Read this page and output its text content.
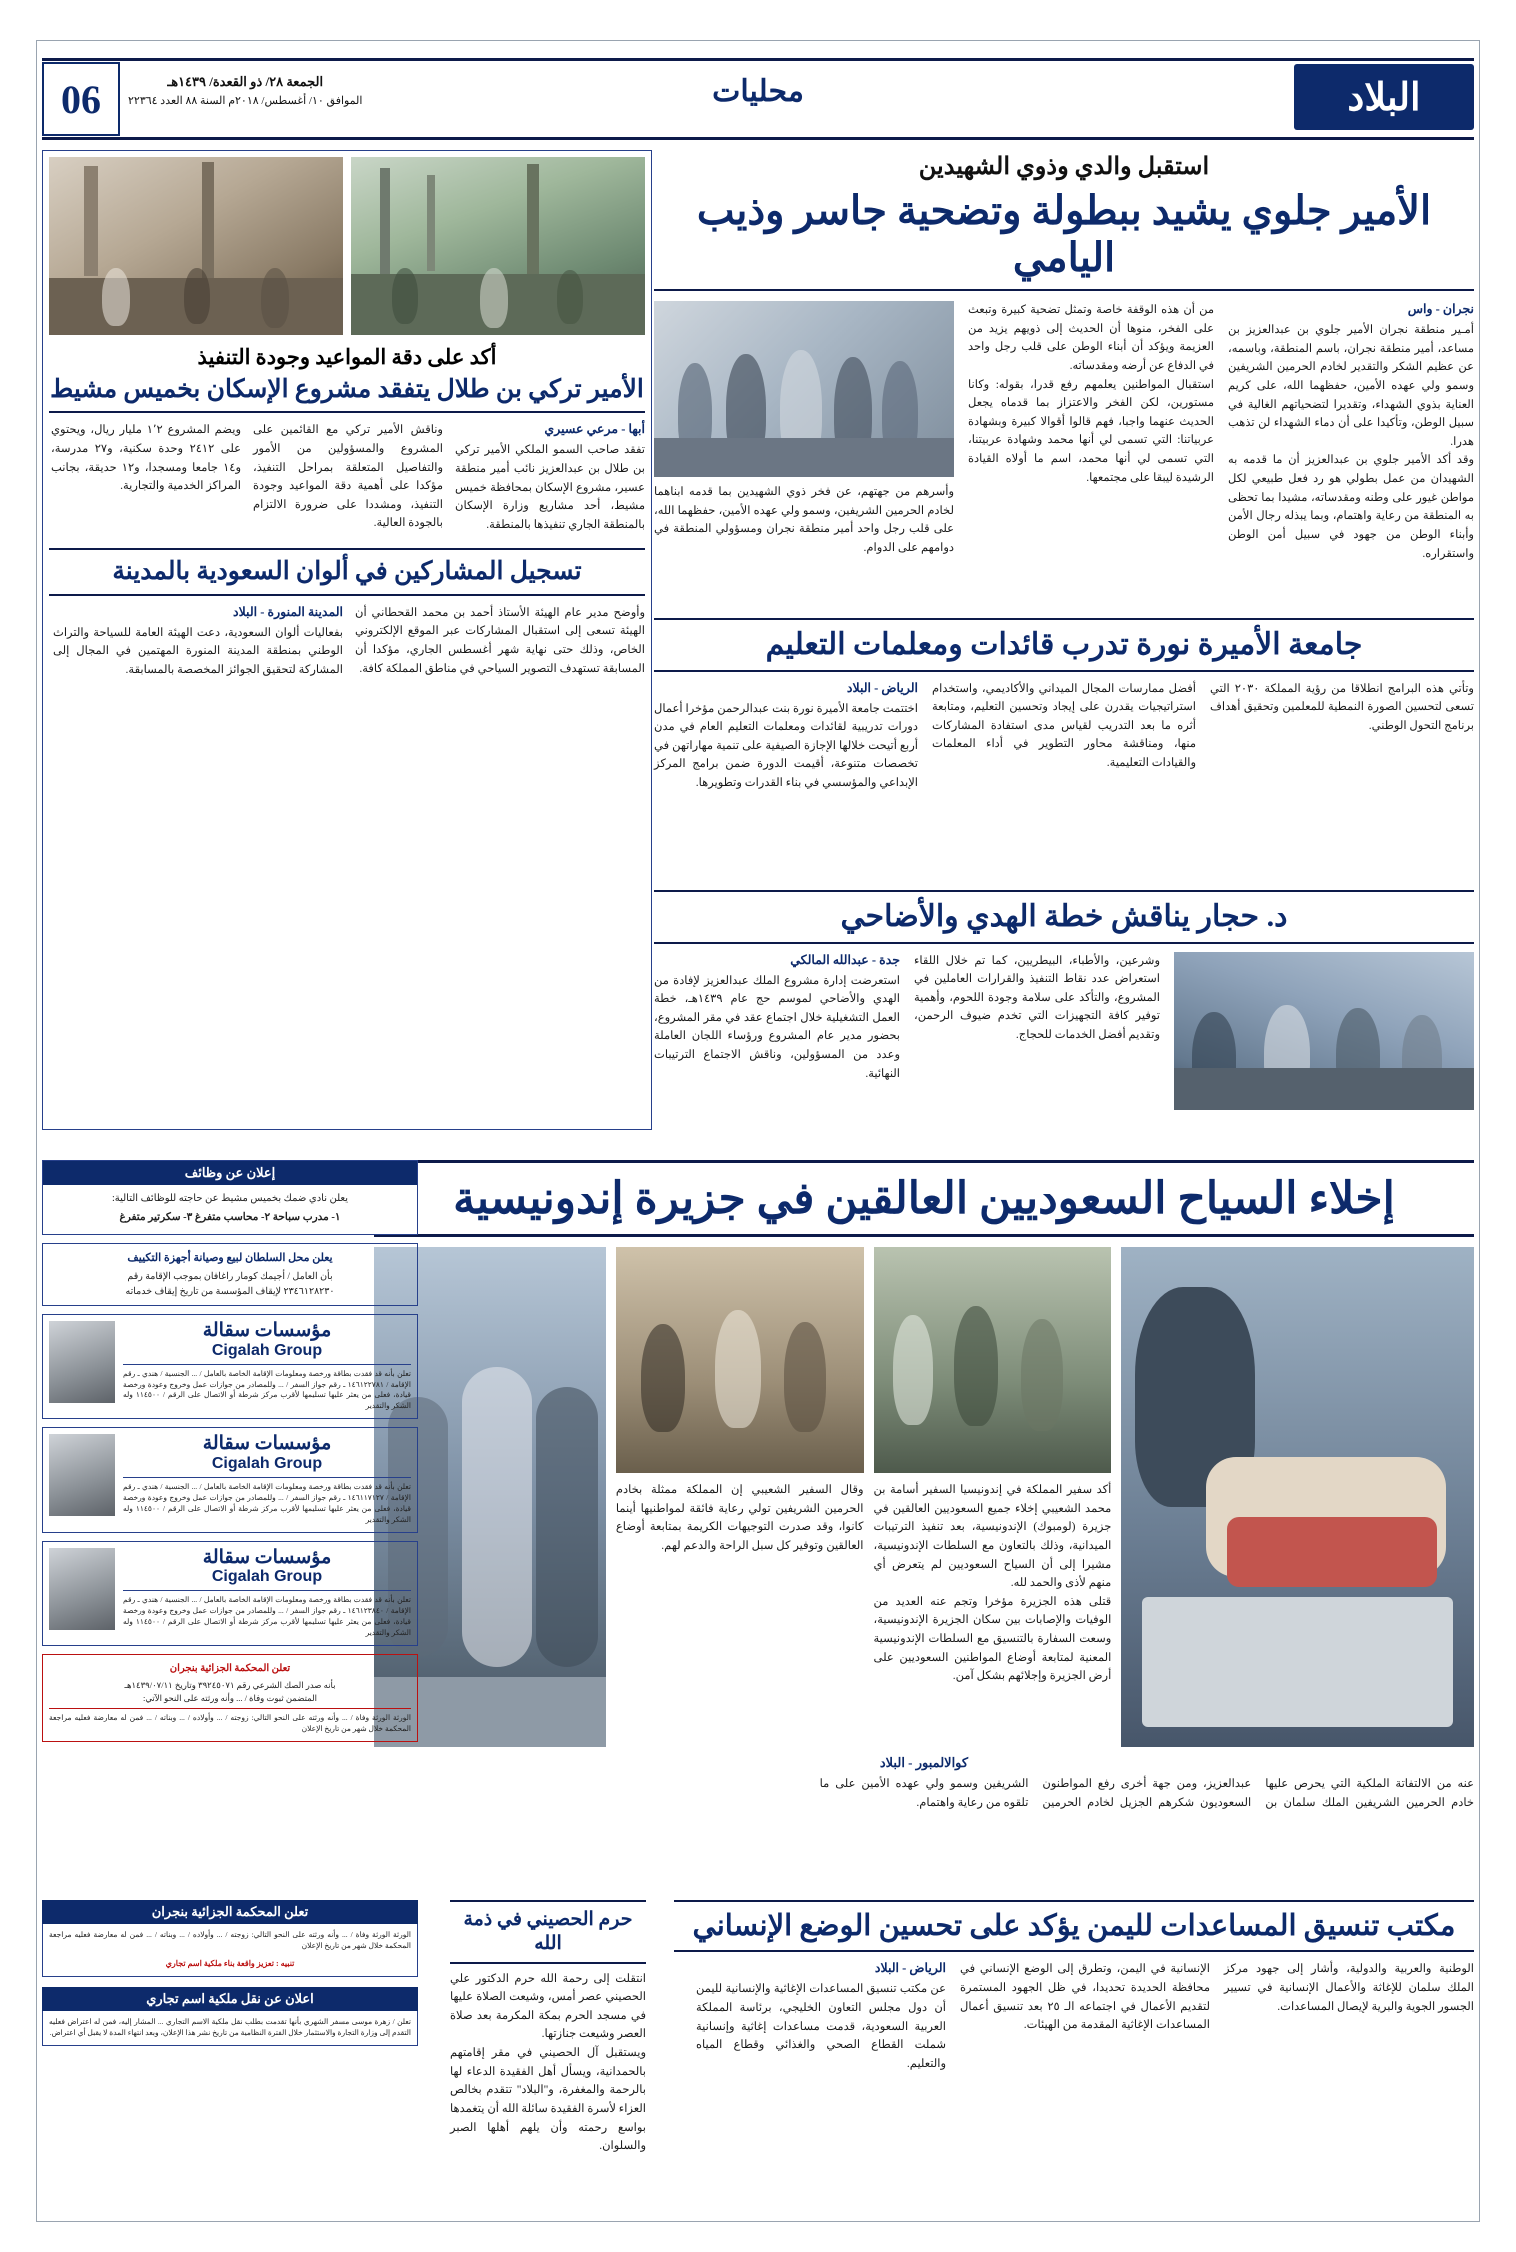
البلاد
محليات
الجمعة ٢٨/ ذو القعدة/ ١٤٣٩هـ
الموافق ١٠/ أغسطس/ ٢٠١٨م السنة ٨٨ العدد ٢٢٣٦٤
06
استقبل والدي وذوي الشهيدين
الأمير جلوي يشيد ببطولة وتضحية جاسر وذيب اليامي
نجران - واس
أمـير منطقة نجران الأمير جلوي بن عبدالعزيز بن مساعد، أمير منطقة نجران، باسم المنطقة، وباسمه، عن عظيم الشكر والتقدير لخادم الحرمين الشريفين وسمو ولي عهده الأمين، حفظهما الله، على كريم العناية بذوي الشهداء، وتقديرا لتضحياتهم الغالية في سبيل الوطن، وتأكيدا على أن دماء الشهداء لن تذهب هدرا.
وقد أكد الأمير جلوي بن عبدالعزيز أن ما قدمه به الشهيدان من عمل بطولي هو رد فعل طبيعي لكل مواطن غيور على وطنه ومقدساته، مشيدا بما تحظى به المنطقة من رعاية واهتمام، وبما يبذله رجال الأمن وأبناء الوطن من جهود في سبيل أمن الوطن واستقراره.
من أن هذه الوقفة خاصة وتمثل تضحية كبيرة وتبعث على الفخر، منوها أن الحديث إلى ذويهم يزيد من العزيمة ويؤكد أن أبناء الوطن على قلب رجل واحد في الدفاع عن أرضه ومقدساته.
استقبال المواطنين يعلمهم رفع قدرا، بقوله: وكانا مستورين، لكن الفخر والاعتزاز بما قدماه يجعل الحديث عنهما واجبا، فهم قالوا أقوالا كبيرة وبشهادة عربياتنا: التي تسمى لي أنها محمد وشهادة عربيتنا، التي تسمى لي أنها محمد، اسم ما أولاه القيادة الرشيدة ليبقا على مجتمعها.
وأسرهم من جهتهم، عن فخر ذوي الشهيدين بما قدمه ابناهما لخادم الحرمين الشريفين، وسمو ولي عهده الأمين، حفظهما الله، على قلب رجل واحد أمير منطقة نجران ومسؤولي المنطقة في دوامهم على الدوام.
جامعة الأميرة نورة تدرب قائدات ومعلمات التعليم
وتأتي هذه البرامج انطلاقا من رؤية المملكة ٢٠٣٠ التي تسعى لتحسين الصورة النمطية للمعلمين وتحقيق أهداف برنامج التحول الوطني.
أفضل ممارسات المجال الميداني والأكاديمي، واستخدام استراتيجيات يقدرن على إيجاد وتحسين التعليم، ومتابعة أثره ما بعد التدريب لقياس مدى استفادة المشاركات منها، ومناقشة محاور التطوير في أداء المعلمات والقيادات التعليمية.
الرياض - البلاد
اختتمت جامعة الأميرة نورة بنت عبدالرحمن مؤخرا أعمال دورات تدريبية لقائدات ومعلمات التعليم العام في مدن أربع أتيحت خلالها الإجازة الصيفية على تنمية مهاراتهن في تخصصات متنوعة، أقيمت الدورة ضمن برامج المركز الإبداعي والمؤسسي في بناء القدرات وتطويرها.
د. حجار يناقش خطة الهدي والأضاحي
وشرعين، والأطباء، البيطريين، كما تم خلال اللقاء استعراض عدد نقاط التنفيذ والقرارات العاملين في المشروع، والتأكد على سلامة وجودة اللحوم، وأهمية توفير كافة التجهيزات التي تخدم ضيوف الرحمن، وتقديم أفضل الخدمات للحجاج.
جدة - عبدالله المالكي
استعرضت إدارة مشروع الملك عبدالعزيز لإفادة من الهدي والأضاحي لموسم حج عام ١٤٣٩هـ، خطة العمل التشغيلية خلال اجتماع عقد في مقر المشروع، بحضور مدير عام المشروع ورؤساء اللجان العاملة وعدد من المسؤولين، وناقش الاجتماع الترتيبات النهائية.
أكد على دقة المواعيد وجودة التنفيذ
الأمير تركي بن طلال يتفقد مشروع الإسكان بخميس مشيط
أبها - مرعي عسيري
تفقد صاحب السمو الملكي الأمير تركي بن طلال بن عبدالعزيز نائب أمير منطقة عسير، مشروع الإسكان بمحافظة خميس مشيط، أحد مشاريع وزارة الإسكان بالمنطقة الجاري تنفيذها بالمنطقة.
وناقش الأمير تركي مع القائمين على المشروع والمسؤولين من الأمور والتفاصيل المتعلقة بمراحل التنفيذ، مؤكدا على أهمية دقة المواعيد وجودة التنفيذ، ومشددا على ضرورة الالتزام بالجودة العالية.
ويضم المشروع ١٬٢ مليار ريال، ويحتوي على ٢٤١٢ وحدة سكنية، و٢٧ مدرسة، و١٤ جامعا ومسجدا، و١٢ حديقة، بجانب المراكز الخدمية والتجارية.
تسجيل المشاركين في ألوان السعودية بالمدينة
وأوضح مدير عام الهيئة الأستاذ أحمد بن محمد القحطاني أن الهيئة تسعى إلى استقبال المشاركات عبر الموقع الإلكتروني الخاص، وذلك حتى نهاية شهر أغسطس الجاري، مؤكدا أن المسابقة تستهدف التصوير السياحي في مناطق المملكة كافة.
المدينة المنورة - البلاد
بفعاليات ألوان السعودية، دعت الهيئة العامة للسياحة والتراث الوطني بمنطقة المدينة المنورة المهتمين في المجال إلى المشاركة لتحقيق الجوائز المخصصة بالمسابقة.
إخلاء السياح السعوديين العالقين في جزيرة إندونيسية
أكد سفير المملكة في إندونيسيا السفير أسامة بن محمد الشعيبي إخلاء جميع السعوديين العالقين في جزيرة (لومبوك) الإندونيسية، بعد تنفيذ الترتيبات الميدانية، وذلك بالتعاون مع السلطات الإندونيسية، مشيرا إلى أن السياح السعوديين لم يتعرض أي منهم لأذى والحمد لله.
قتلى هذه الجزيرة مؤخرا وتجم عنه العديد من الوفيات والإصابات بين سكان الجزيرة الإندونيسية، وسعت السفارة بالتنسيق مع السلطات الإندونيسية المعنية لمتابعة أوضاع المواطنين السعوديين على أرض الجزيرة وإجلائهم بشكل آمن.
وقال السفير الشعيبي إن المملكة ممثلة بخادم الحرمين الشريفين تولي رعاية فائقة لمواطنيها أينما كانوا، وقد صدرت التوجيهات الكريمة بمتابعة أوضاع العالقين وتوفير كل سبل الراحة والدعم لهم.
كوالالمبور - البلاد
عنه من الالتفاتة الملكية التي يحرص عليها خادم الحرمين الشريفين الملك سلمان بن عبدالعزيز، ومن جهة أخرى رفع المواطنون السعوديون شكرهم الجزيل لخادم الحرمين الشريفين وسمو ولي عهده الأمين على ما تلقوه من رعاية واهتمام.
إعلان عن وظائف
يعلن نادي ضمك بخميس مشيط عن حاجته للوظائف التالية:
١- مدرب سباحة ٢- محاسب متفرغ ٣- سكرتير متفرغ
يعلن محل السلطان لبيع وصيانة أجهزة التكييف
بأن العامل / أجيمك كومار راغافان بموجب الإقامة رقم
٢٣٤٦١٢٨٢٣٠ لإيقاف المؤسسة من تاريخ إيقاف خدماته
مؤسسات سقالة
Cigalah Group
تعلن بأنه قد فقدت بطاقة ورخصة ومعلومات الإقامة الخاصة بالعامل / ... الجنسية / هندي ـ رقم الإقامة / ١٤٦١٢٢٧٨١ ـ رقم جواز السفر / ... وللمصادر من جوازات عمل وخروج وعودة ورخصة قيادة، فعلى من يعثر عليها تسليمها لأقرب مركز شرطة أو الاتصال على الرقم / ١١٤٥٠٠ وله الشكر والتقدير
مؤسسات سقالة
Cigalah Group
تعلن بأنه قد فقدت بطاقة ورخصة ومعلومات الإقامة الخاصة بالعامل / ... الجنسية / هندي ـ رقم الإقامة / ١٤٦١١٧١٢٧ ـ رقم جواز السفر / ... وللمصادر من جوازات عمل وخروج وعودة ورخصة قيادة، فعلى من يعثر عليها تسليمها لأقرب مركز شرطة أو الاتصال على الرقم / ١١٤٥٠٠ وله الشكر والتقدير
مؤسسات سقالة
Cigalah Group
تعلن بأنه قد فقدت بطاقة ورخصة ومعلومات الإقامة الخاصة بالعامل / ... الجنسية / هندي ـ رقم الإقامة / ١٤٦١٢٣٨٤٠ ـ رقم جواز السفر / ... وللمصادر من جوازات عمل وخروج وعودة ورخصة قيادة، فعلى من يعثر عليها تسليمها لأقرب مركز شرطة أو الاتصال على الرقم / ١١٤٥٠٠ وله الشكر والتقدير
تعلن المحكمة الجزائية بنجران
بأنه صدر الصك الشرعي رقم ٣٩٢٤٥٠٧١ وتاريخ ١٤٣٩/٠٧/١١هـ
المتضمن ثبوت وفاة / ... وأنه ورثته على النحو الآتي:
الورثة الورثة وفاة / ... وأنه ورثته على النحو التالي: زوجته / ... وأولاده / ... وبناته / ... فمن له معارضة فعليه مراجعة المحكمة خلال شهر من تاريخ الإعلان
تعلن المحكمة الجزائية بنجران
الورثة الورثة وفاة / ... وأنه ورثته على النحو التالي: زوجته / ... وأولاده / ... وبناته / ... فمن له معارضة فعليه مراجعة المحكمة خلال شهر من تاريخ الإعلان
تنبيه : تعزيز واقعة بناء ملكية اسم تجاري
اعلان عن نقل ملكية اسم تجاري
تعلن / زهرة موسى مسفر الشهري بأنها تقدمت بطلب نقل ملكية الاسم التجاري ... المشار إليه، فمن له اعتراض فعليه التقدم إلى وزارة التجارة والاستثمار خلال الفترة النظامية من تاريخ نشر هذا الإعلان، وبعد انتهاء المدة لا يقبل أي اعتراض.
مكتب تنسيق المساعدات لليمن يؤكد على تحسين الوضع الإنساني
الوطنية والعربية والدولية، وأشار إلى جهود مركز الملك سلمان للإغاثة والأعمال الإنسانية في تسيير الجسور الجوية والبرية لإيصال المساعدات.
الإنسانية في اليمن، وتطرق إلى الوضع الإنساني في محافظة الحديدة تحديدا، في ظل الجهود المستمرة لتقديم الأعمال في اجتماعه الـ ٢٥ بعد تنسيق أعمال المساعدات الإغاثية المقدمة من الهيئات.
الرياض - البلاد
عن مكتب تنسيق المساعدات الإغاثية والإنسانية لليمن أن دول مجلس التعاون الخليجي، برئاسة المملكة العربية السعودية، قدمت مساعدات إغاثية وإنسانية شملت القطاع الصحي والغذائي وقطاع المياه والتعليم.
حرم الحصيني في ذمة الله
انتقلت إلى رحمة الله حرم الدكتور علي الحصيني عصر أمس، وشيعت الصلاة عليها في مسجد الحرم بمكة المكرمة بعد صلاة العصر وشيعت جنازتها.
ويستقبل آل الحصيني في مقر إقامتهم بالحمدانية، ويسأل أهل الفقيدة الدعاء لها بالرحمة والمغفرة، و"البلاد" تتقدم بخالص العزاء لأسرة الفقيدة سائلة الله أن يتغمدها بواسع رحمته وأن يلهم أهلها الصبر والسلوان.
